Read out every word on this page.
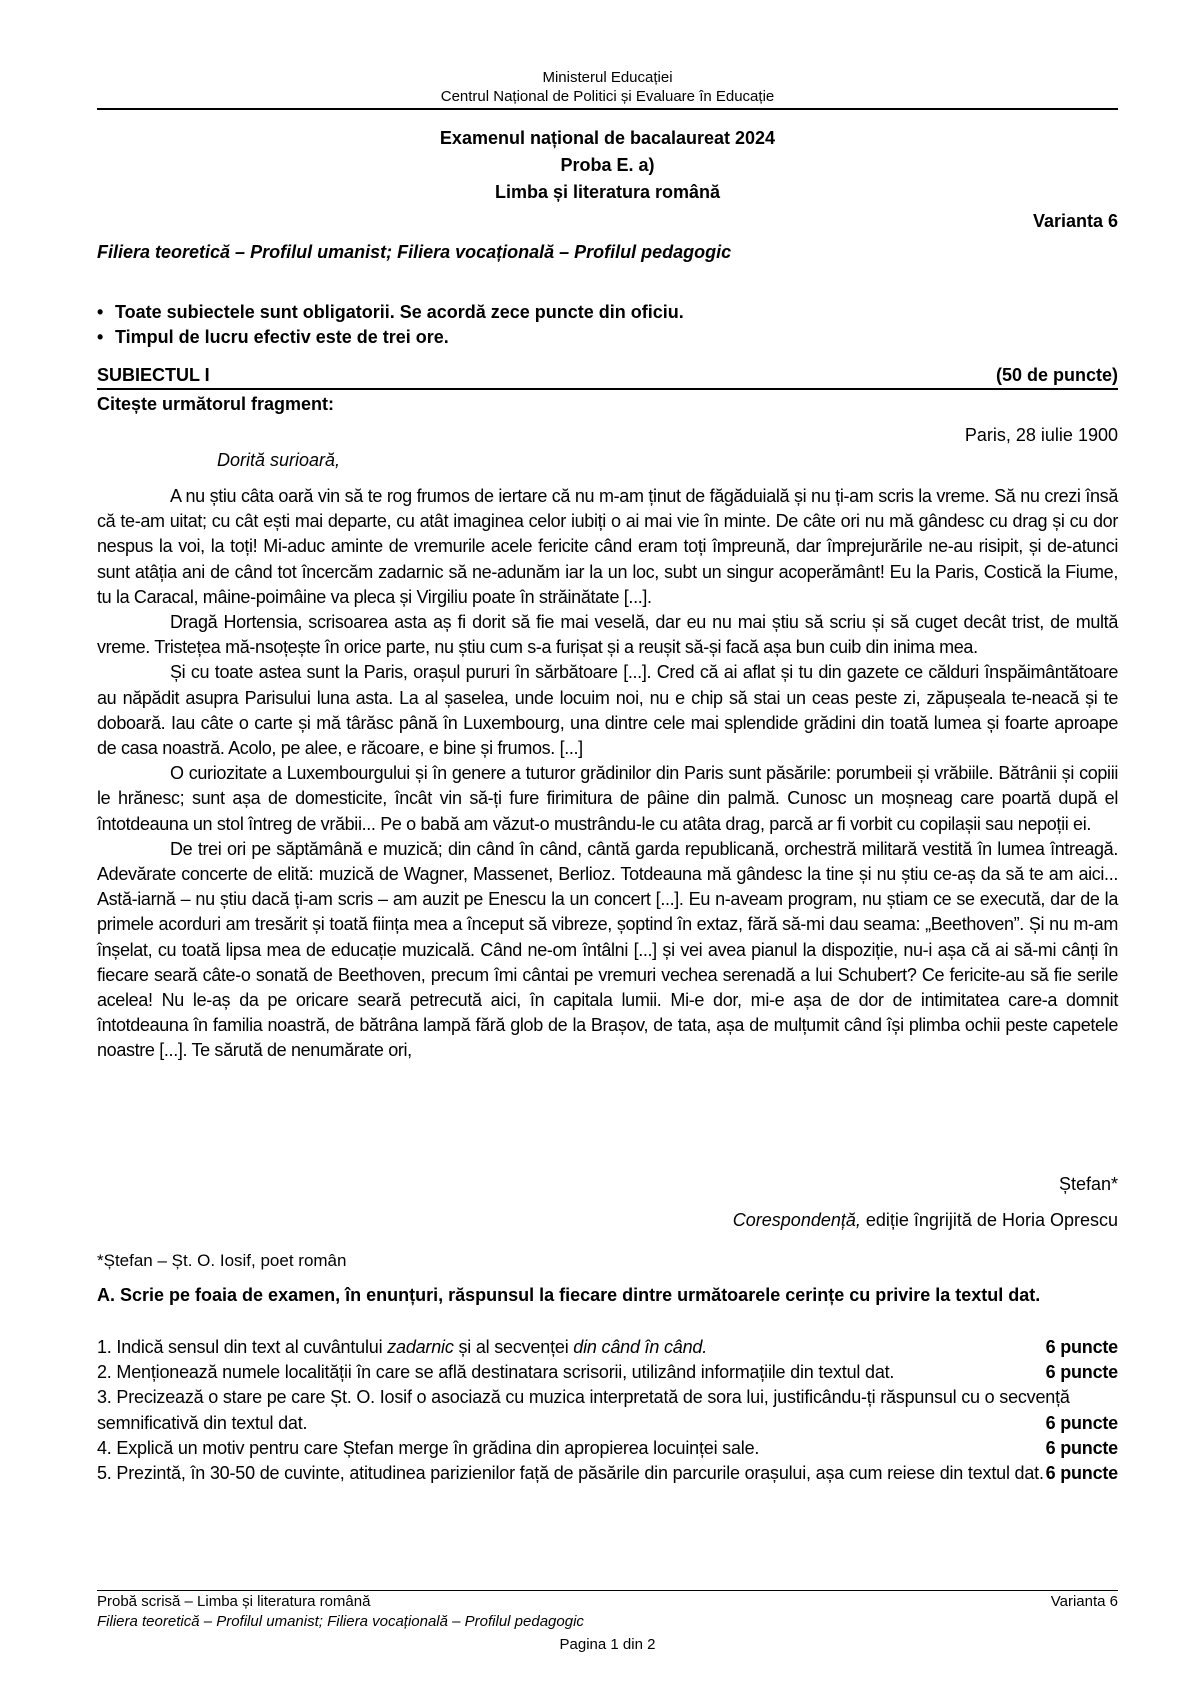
Ministerul Educației
Centrul Național de Politici și Evaluare în Educație
Examenul național de bacalaureat 2024
Proba E. a)
Limba și literatura română
Varianta 6
Filiera teoretică – Profilul umanist; Filiera vocațională – Profilul pedagogic
• Toate subiectele sunt obligatorii. Se acordă zece puncte din oficiu.
• Timpul de lucru efectiv este de trei ore.
SUBIECTUL I	(50 de puncte)
Citește următorul fragment:
Paris, 28 iulie 1900
Dorită surioară,

A nu știu câta oară vin să te rog frumos de iertare că nu m-am ținut de făgăduială și nu ți-am scris la vreme. Să nu crezi însă că te-am uitat; cu cât ești mai departe, cu atât imaginea celor iubiți o ai mai vie în minte. De câte ori nu mă gândesc cu drag și cu dor nespus la voi, la toți! Mi-aduc aminte de vremurile acele fericite când eram toți împreună, dar împrejurările ne-au risipit, și de-atunci sunt atâția ani de când tot încercăm zadarnic să ne-adunăm iar la un loc, subt un singur acoperământ! Eu la Paris, Costică la Fiume, tu la Caracal, mâine-poimâine va pleca și Virgiliu poate în străinătate [...].

Dragă Hortensia, scrisoarea asta aș fi dorit să fie mai veselă, dar eu nu mai știu să scriu și să cuget decât trist, de multă vreme. Tristețea mă-nsoțește în orice parte, nu știu cum s-a furișat și a reușit să-și facă așa bun cuib din inima mea.

Și cu toate astea sunt la Paris, orașul pururi în sărbătoare [...]. Cred că ai aflat și tu din gazete ce călduri înspăimântătoare au năpădit asupra Parisului luna asta. La al șaselea, unde locuim noi, nu e chip să stai un ceas peste zi, zăpușeala te-neacă și te doboară. Iau câte o carte și mă târăsc până în Luxembourg, una dintre cele mai splendide grădini din toată lumea și foarte aproape de casa noastră. Acolo, pe alee, e răcoare, e bine și frumos. [...]

O curiozitate a Luxembourgului și în genere a tuturor grădinilor din Paris sunt păsările: porumbeii și vrăbiile. Bătrânii și copiii le hrănesc; sunt așa de domesticite, încât vin să-ți fure firimitura de pâine din palmă. Cunosc un moșneag care poartă după el întotdeauna un stol întreg de vrăbii... Pe o babă am văzut-o mustrându-le cu atâta drag, parcă ar fi vorbit cu copilașii sau nepoții ei.

De trei ori pe săptămână e muzică; din când în când, cântă garda republicană, orchestră militară vestită în lumea întreagă. Adevărate concerte de elită: muzică de Wagner, Massenet, Berlioz. Totdeauna mă gândesc la tine și nu știu ce-aș da să te am aici... Astă-iarnă – nu știu dacă ți-am scris – am auzit pe Enescu la un concert [...]. Eu n-aveam program, nu știam ce se execută, dar de la primele acorduri am tresărit și toată ființa mea a început să vibreze, șoptind în extaz, fără să-mi dau seama: „Beethoven”. Și nu m-am înșelat, cu toată lipsa mea de educație muzicală. Când ne-om întâlni [...] și vei avea pianul la dispoziție, nu-i așa că ai să-mi cânți în fiecare seară câte-o sonată de Beethoven, precum îmi cântai pe vremuri vechea serenadă a lui Schubert? Ce fericite-au să fie serile acelea! Nu le-aș da pe oricare seară petrecută aici, în capitala lumii. Mi-e dor, mi-e așa de dor de intimitatea care-a domnit întotdeauna în familia noastră, de bătrâna lampă fără glob de la Brașov, de tata, așa de mulțumit când își plimba ochii peste capetele noastre [...]. Te sărută de nenumărate ori,

Ștefan*
Corespondență, ediție îngrijită de Horia Oprescu
*Ștefan – Șt. O. Iosif, poet român
A. Scrie pe foaia de examen, în enunțuri, răspunsul la fiecare dintre următoarele cerințe cu privire la textul dat.
1. Indică sensul din text al cuvântului zadarnic și al secvenței din când în când.	6 puncte
2. Menționează numele localității în care se află destinatara scrisorii, utilizând informațiile din textul dat.	6 puncte
3. Precizează o stare pe care Șt. O. Iosif o asociază cu muzica interpretată de sora lui, justificându-ți răspunsul cu o secvență semnificativă din textul dat.	6 puncte
4. Explică un motiv pentru care Ștefan merge în grădina din apropierea locuinței sale.	6 puncte
5. Prezintă, în 30-50 de cuvinte, atitudinea parizienilor față de păsările din parcurile orașului, așa cum reiese din textul dat. 6 puncte
Probă scrisă – Limba și literatura română	Varianta 6
Filiera teoretică – Profilul umanist; Filiera vocațională – Profilul pedagogic
Pagina 1 din 2
